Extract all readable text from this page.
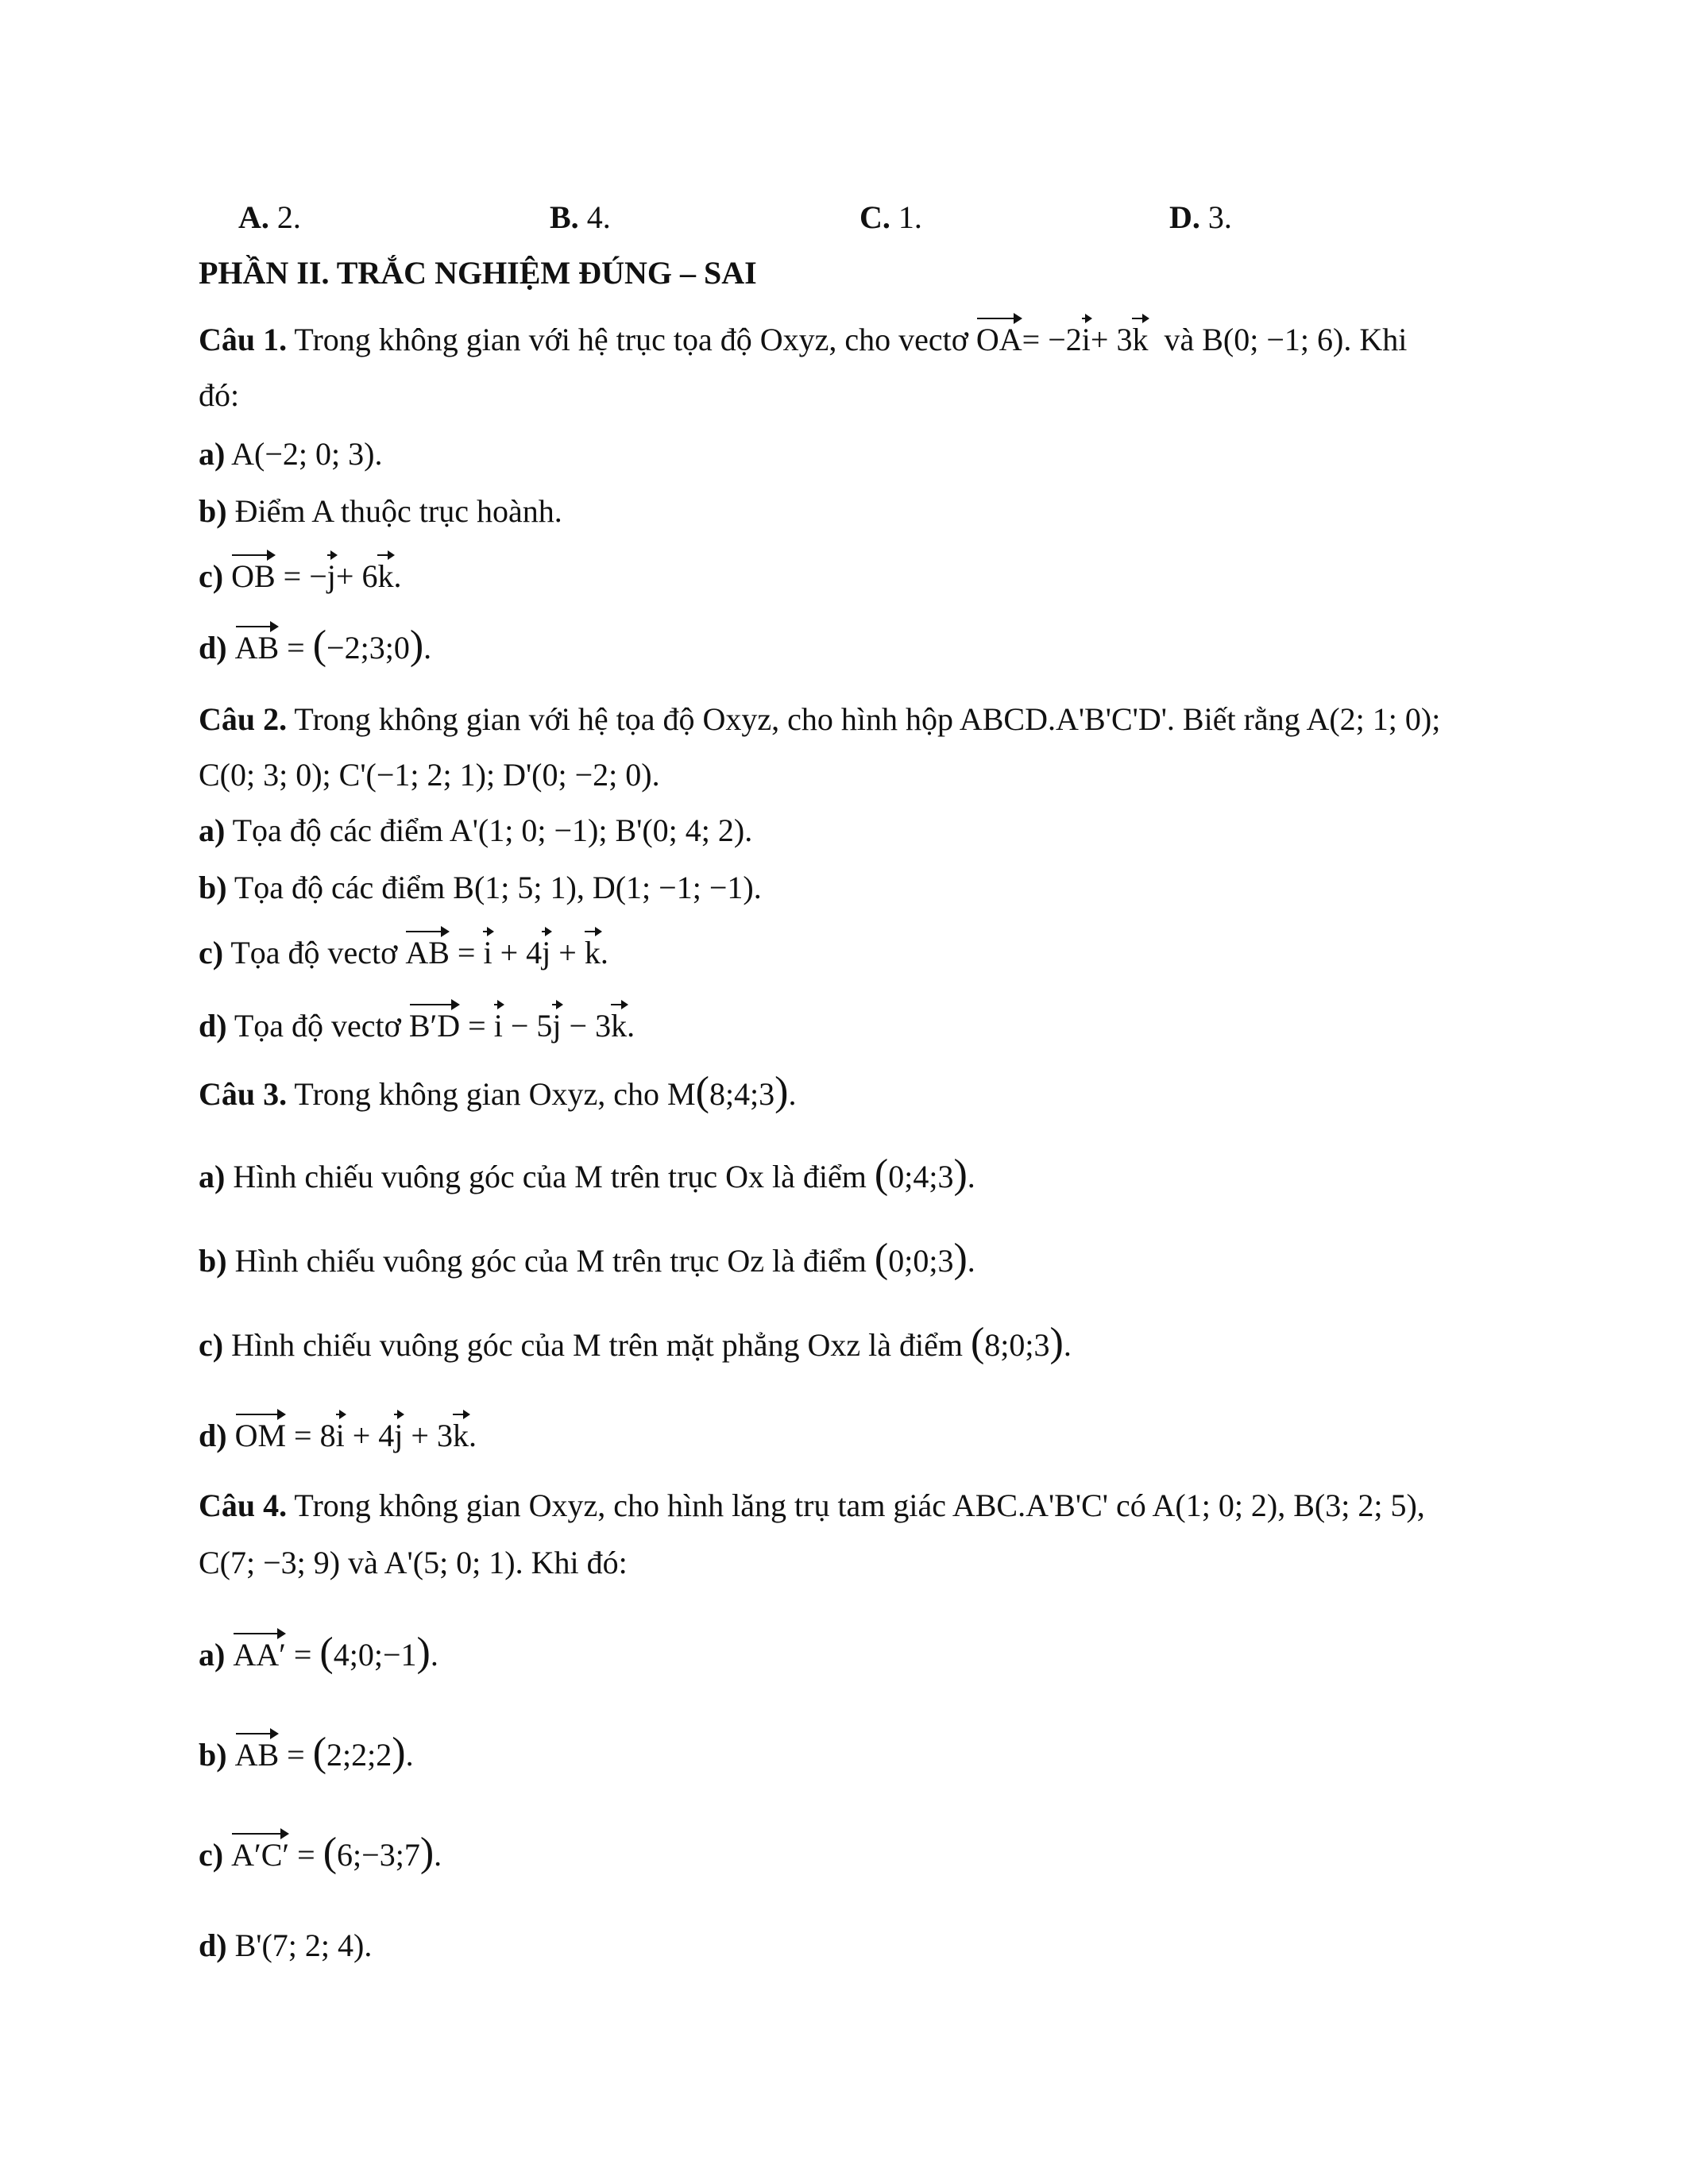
A. 2.	B. 4.	C. 1.	D. 3.
PHẦN II. TRẮC NGHIỆM ĐÚNG – SAI
Câu 1. Trong không gian với hệ trục tọa độ Oxyz, cho vectơ OA= −2i+ 3k và B(0; −1; 6). Khi
đó:
a) A(−2; 0; 3).
b) Điểm A thuộc trục hoành.
c) OB = −j+ 6k.
d) AB = (−2;3;0).
Câu 2. Trong không gian với hệ tọa độ Oxyz, cho hình hộp ABCD.A'B'C'D'. Biết rằng A(2; 1; 0);
C(0; 3; 0); C'(−1; 2; 1); D'(0; −2; 0).
a) Tọa độ các điểm A'(1; 0; −1); B'(0; 4; 2).
b) Tọa độ các điểm B(1; 5; 1), D(1; −1; −1).
c) Tọa độ vectơ AB = i + 4j + k.
d) Tọa độ vectơ B′D = i − 5j − 3k.
Câu 3. Trong không gian Oxyz, cho M(8;4;3).
a) Hình chiếu vuông góc của M trên trục Ox là điểm (0;4;3).
b) Hình chiếu vuông góc của M trên trục Oz là điểm (0;0;3).
c) Hình chiếu vuông góc của M trên mặt phẳng Oxz là điểm (8;0;3).
d) OM = 8i + 4j + 3k.
Câu 4. Trong không gian Oxyz, cho hình lăng trụ tam giác ABC.A'B'C' có A(1; 0; 2), B(3; 2; 5),
C(7; −3; 9) và A'(5; 0; 1). Khi đó:
a) AA′ = (4;0;−1).
b) AB = (2;2;2).
c) A′C′ = (6;−3;7).
d) B'(7; 2; 4).
